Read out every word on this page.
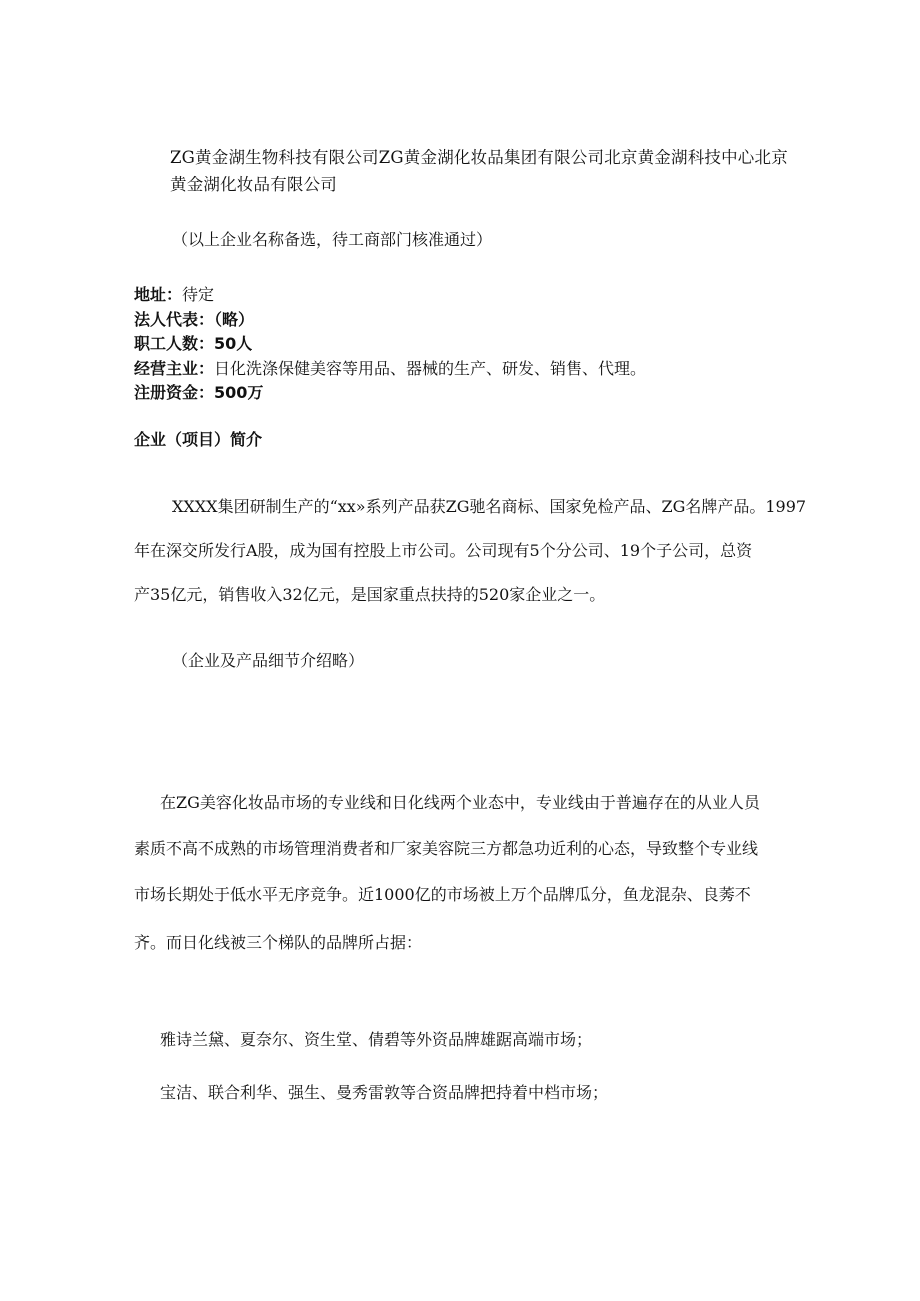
ZG黄金湖生物科技有限公司ZG黄金湖化妆品集团有限公司北京黄金湖科技中心北京
黄金湖化妆品有限公司
（以上企业名称备选，待工商部门核准通过）
地址：待定
法人代表：（略）
职工人数：50人
经营主业：日化洗涤保健美容等用品、器械的生产、研发、销售、代理。
注册资金：500万
企业（项目）简介
XXXX集团研制生产的“xx»系列产品获ZG驰名商标、国家免检产品、ZG名牌产品。1997
年在深交所发行A股，成为国有控股上市公司。公司现有5个分公司、19个子公司，总资
产35亿元，销售收入32亿元，是国家重点扶持的520家企业之一。
（企业及产品细节介绍略）
在ZG美容化妆品市场的专业线和日化线两个业态中，专业线由于普遍存在的从业人员
素质不高不成熟的市场管理消费者和厂家美容院三方都急功近利的心态，导致整个专业线
市场长期处于低水平无序竞争。近1000亿的市场被上万个品牌瓜分，鱼龙混杂、良莠不
齐。而日化线被三个梯队的品牌所占据：
雅诗兰黛、夏奈尔、资生堂、倩碧等外资品牌雄踞高端市场；
宝洁、联合利华、强生、曼秀雷敦等合资品牌把持着中档市场；
